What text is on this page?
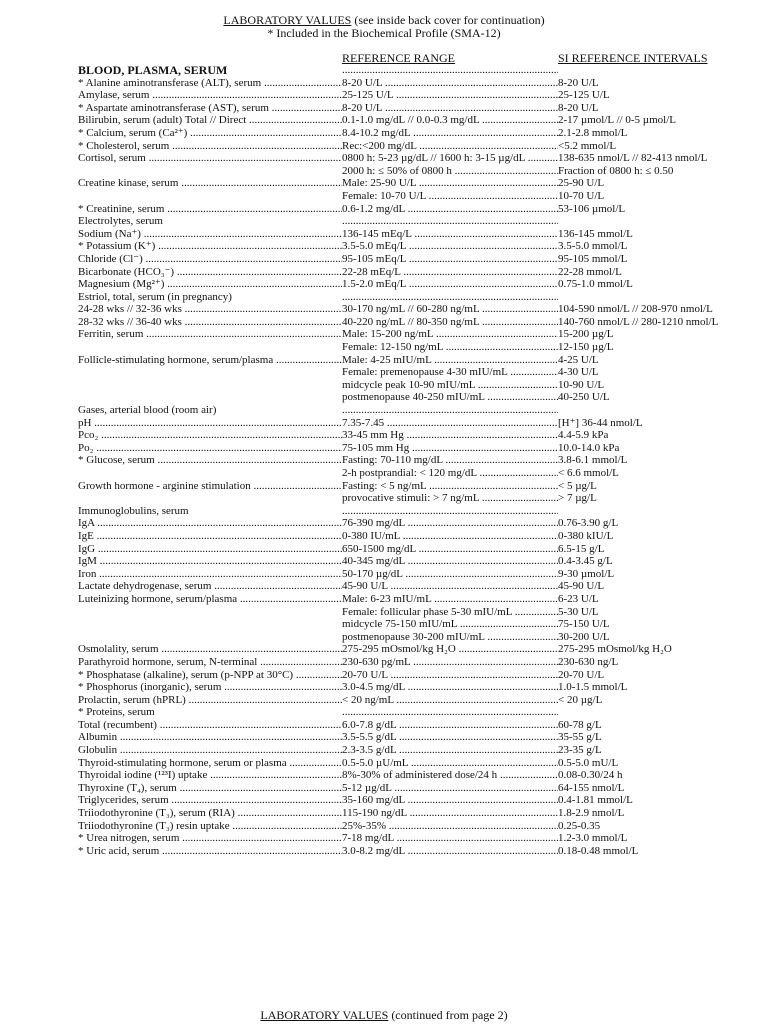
LABORATORY VALUES (see inside back cover for continuation)
* Included in the Biochemical Profile (SMA-12)
REFERENCE RANGE	SI REFERENCE INTERVALS
BLOOD, PLASMA, SERUM
.....
* Alanine aminotransferase (ALT), serum .....	8-20 U/L .....	8-20 U/L
Amylase, serum .....	25-125 U/L .....	25-125 U/L
* Aspartate aminotransferase (AST), serum .....	8-20 U/L .....	8-20 U/L
Bilirubin, serum (adult) Total // Direct .....	0.1-1.0 mg/dL // 0.0-0.3 mg/dL .....	2-17 µmol/L // 0-5 µmol/L
* Calcium, serum (Ca²⁺) .....	8.4-10.2 mg/dL .....	2.1-2.8 mmol/L
* Cholesterol, serum .....	Rec:<200 mg/dL .....	<5.2 mmol/L
Cortisol, serum .....	0800 h: 5-23 µg/dL // 1600 h: 3-15 µg/dL .....	138-635 nmol/L // 82-413 nmol/L
2000 h: ≤ 50% of 0800 h .....	Fraction of 0800 h: ≤ 0.50
Creatine kinase, serum .....	Male: 25-90 U/L .....	25-90 U/L
Female: 10-70 U/L .....	10-70 U/L
* Creatinine, serum .....	0.6-1.2 mg/dL .....	53-106 µmol/L
Electrolytes, serum
.....
Sodium (Na⁺) .....	136-145 mEq/L .....	136-145 mmol/L
* Potassium (K⁺) .....	3.5-5.0 mEq/L .....	3.5-5.0 mmol/L
Chloride (Cl⁻) .....	95-105 mEq/L .....	95-105 mmol/L
Bicarbonate (HCO₃⁻) .....	22-28 mEq/L .....	22-28 mmol/L
Magnesium (Mg²⁺) .....	1.5-2.0 mEq/L .....	0.75-1.0 mmol/L
Estriol, total, serum (in pregnancy)
.....
24-28 wks // 32-36 wks .....	30-170 ng/mL // 60-280 ng/mL .....	104-590 nmol/L // 208-970 nmol/L
28-32 wks // 36-40 wks .....	40-220 ng/mL // 80-350 ng/mL .....	140-760 nmol/L // 280-1210 nmol/L
Ferritin, serum .....	Male: 15-200 ng/mL .....	15-200 µg/L
Female: 12-150 ng/mL .....	12-150 µg/L
Follicle-stimulating hormone, serum/plasma .....	Male: 4-25 mIU/mL .....	4-25 U/L
Female: premenopause 4-30 mIU/mL .....	4-30 U/L
midcycle peak 10-90 mIU/mL .....	10-90 U/L
postmenopause 40-250 mIU/mL .....	40-250 U/L
Gases, arterial blood (room air)
.....
pH .....	7.35-7.45 .....	[H⁺] 36-44 nmol/L
Pco₂ .....	33-45 mm Hg .....	4.4-5.9 kPa
Po₂ .....	75-105 mm Hg .....	10.0-14.0 kPa
* Glucose, serum .....	Fasting: 70-110 mg/dL .....	3.8-6.1 mmol/L
2-h postprandial: < 120 mg/dL .....	< 6.6 mmol/L
Growth hormone - arginine stimulation .....	Fasting: < 5 ng/mL .....	< 5 µg/L
provocative stimuli: > 7 ng/mL .....	> 7 µg/L
Immunoglobulins, serum
.....
IgA .....	76-390 mg/dL .....	0.76-3.90 g/L
IgE .....	0-380 IU/mL .....	0-380 kIU/L
IgG .....	650-1500 mg/dL .....	6.5-15 g/L
IgM .....	40-345 mg/dL .....	0.4-3.45 g/L
Iron .....	50-170 µg/dL .....	9-30 µmol/L
Lactate dehydrogenase, serum .....	45-90 U/L .....	45-90 U/L
Luteinizing hormone, serum/plasma .....	Male: 6-23 mIU/mL .....	6-23 U/L
Female: follicular phase 5-30 mIU/mL .....	5-30 U/L
midcycle 75-150 mIU/mL .....	75-150 U/L
postmenopause 30-200 mIU/mL .....	30-200 U/L
Osmolality, serum .....	275-295 mOsmol/kg H₂O .....	275-295 mOsmol/kg H₂O
Parathyroid hormone, serum, N-terminal .....	230-630 pg/mL .....	230-630 ng/L
* Phosphatase (alkaline), serum (p-NPP at 30°C) .....	20-70 U/L .....	20-70 U/L
* Phosphorus (inorganic), serum .....	3.0-4.5 mg/dL .....	1.0-1.5 mmol/L
Prolactin, serum (hPRL) .....	< 20 ng/mL .....	< 20 µg/L
* Proteins, serum
.....
Total (recumbent) .....	6.0-7.8 g/dL .....	60-78 g/L
Albumin .....	3.5-5.5 g/dL .....	35-55 g/L
Globulin .....	2.3-3.5 g/dL .....	23-35 g/L
Thyroid-stimulating hormone, serum or plasma .....	0.5-5.0 µU/mL .....	0.5-5.0 mU/L
Thyroidal iodine (¹²³I) uptake .....	8%-30% of administered dose/24 h .....	0.08-0.30/24 h
Thyroxine (T₄), serum .....	5-12 µg/dL .....	64-155 nmol/L
Triglycerides, serum .....	35-160 mg/dL .....	0.4-1.81 mmol/L
Triiodothyronine (T₃), serum (RIA) .....	115-190 ng/dL .....	1.8-2.9 nmol/L
Triiodothyronine (T₃) resin uptake .....	25%-35% .....	0.25-0.35
* Urea nitrogen, serum .....	7-18 mg/dL .....	1.2-3.0 mmol/L
* Uric acid, serum .....	3.0-8.2 mg/dL .....	0.18-0.48 mmol/L
LABORATORY VALUES (continued from page 2)
